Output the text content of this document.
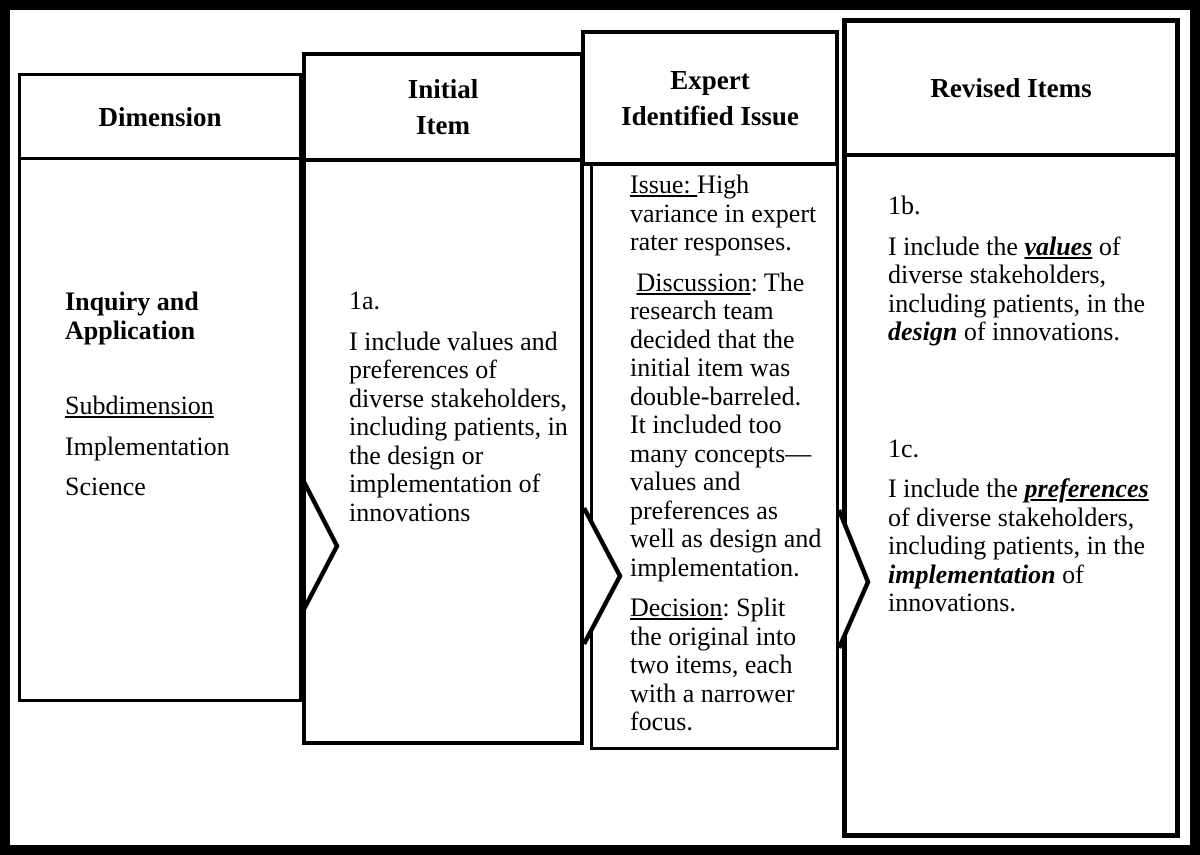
Dimension
Inquiry and
Application
Subdimension
Implementation
Science
Initial
Item
1a.
I include values and
preferences of
diverse stakeholders,
including patients, in
the design or
implementation of
innovations
Expert
Identified Issue
Issue: High
variance in expert
rater responses.
Discussion: The
research team
decided that the
initial item was
double-barreled.
It included too
many concepts—
values and
preferences as
well as design and
implementation.
Decision: Split
the original into
two items, each
with a narrower
focus.
Revised Items
1b.
I include the values of
diverse stakeholders,
including patients, in the
design of innovations.
1c.
I include the preferences
of diverse stakeholders,
including patients, in the
implementation of
innovations.
